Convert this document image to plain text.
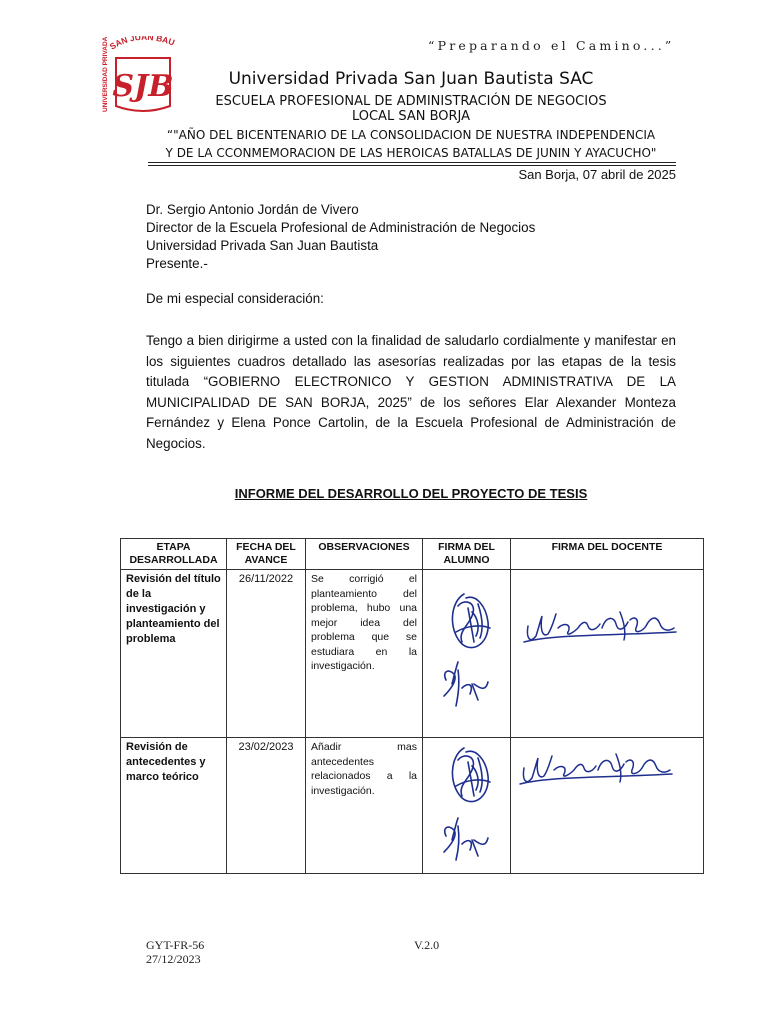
“Preparando el Camino...”
SAN JUAN BAU
UNIVERSIDAD PRIVADA SJB	Universidad Privada San Juan Bautista SAC
ESCUELA PROFESIONAL DE ADMINISTRACIÓN DE NEGOCIOS
LOCAL SAN BORJA
“"AÑO DEL BICENTENARIO DE LA CONSOLIDACION DE NUESTRA INDEPENDENCIA
Y DE LA CCONMEMORACION DE LAS HEROICAS BATALLAS DE JUNIN Y AYACUCHO"
San Borja, 07 abril de 2025
Dr. Sergio Antonio Jordán de Vivero
Director de la Escuela Profesional de Administración de Negocios
Universidad Privada San Juan Bautista
Presente.-
De mi especial consideración:
Tengo a bien dirigirme a usted con la finalidad de saludarlo cordialmente y manifestar en los siguientes cuadros detallado las asesorías realizadas por las etapas de la tesis titulada “GOBIERNO ELECTRONICO Y GESTION ADMINISTRATIVA DE LA MUNICIPALIDAD DE SAN BORJA, 2025” de los señores Elar Alexander Monteza Fernández y Elena Ponce Cartolin, de la Escuela Profesional de Administración de Negocios.
INFORME DEL DESARROLLO DEL PROYECTO DE TESIS
ETAPA DESARROLLADA	FECHA DEL AVANCE	OBSERVACIONES	FIRMA DEL ALUMNO	FIRMA DEL DOCENTE
Revisión del título de la investigación y planteamiento del problema	26/11/2022	Se corrigió el planteamiento del problema, hubo una mejor idea del problema que se estudiara en la investigación.		
Revisión de antecedentes y marco teórico	23/02/2023	Añadir mas antecedentes relacionados a la investigación.		
GYT-FR-56
27/12/2023
V.2.0
